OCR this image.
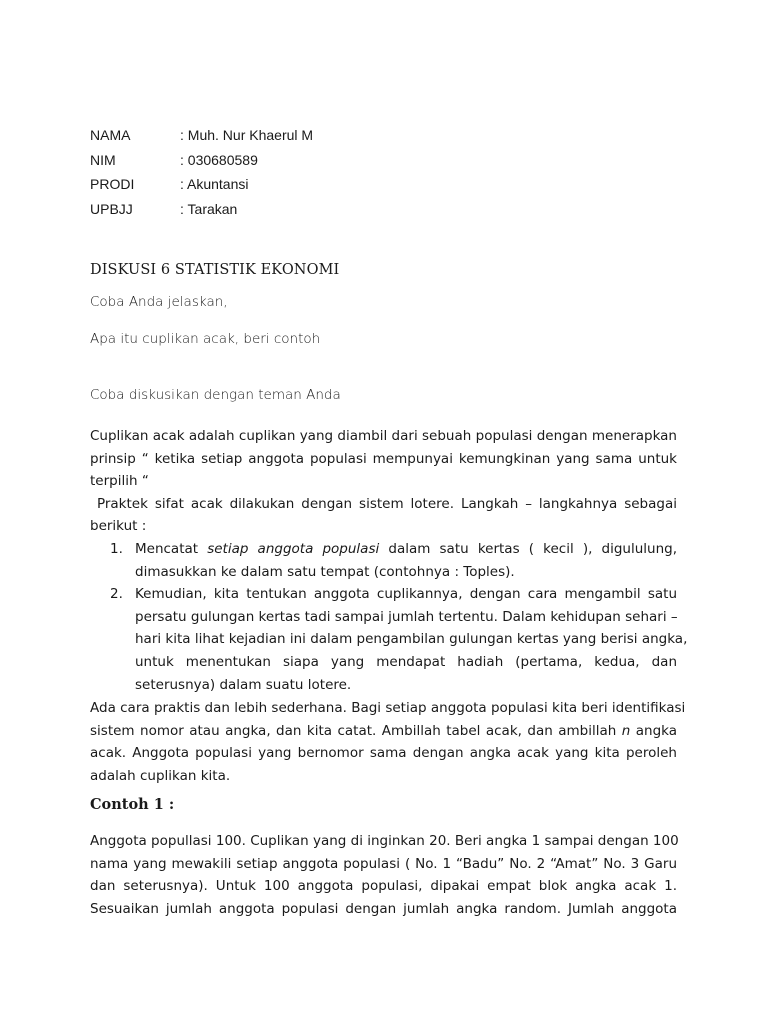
NAMA	: Muh. Nur Khaerul M
NIM	: 030680589
PRODI	: Akuntansi
UPBJJ	: Tarakan
DISKUSI 6 STATISTIK EKONOMI
Coba Anda jelaskan,
Apa itu cuplikan acak, beri contoh
Coba diskusikan dengan teman Anda
Cuplikan acak adalah cuplikan yang diambil dari sebuah populasi dengan menerapkan
prinsip “ ketika setiap anggota populasi mempunyai kemungkinan yang sama untuk
terpilih “
Praktek sifat acak dilakukan dengan sistem lotere. Langkah – langkahnya sebagai
berikut :
1. Mencatat setiap anggota populasi dalam satu kertas ( kecil ), digululung,
dimasukkan ke dalam satu tempat (contohnya : Toples).
2. Kemudian, kita tentukan anggota cuplikannya, dengan cara mengambil satu
persatu gulungan kertas tadi sampai jumlah tertentu. Dalam kehidupan sehari –
hari kita lihat kejadian ini dalam pengambilan gulungan kertas yang berisi angka,
untuk menentukan siapa yang mendapat hadiah (pertama, kedua, dan
seterusnya) dalam suatu lotere.
Ada cara praktis dan lebih sederhana. Bagi setiap anggota populasi kita beri identifikasi
sistem nomor atau angka, dan kita catat. Ambillah tabel acak, dan ambillah n angka
acak. Anggota populasi yang bernomor sama dengan angka acak yang kita peroleh
adalah cuplikan kita.
Contoh 1 :
Anggota popullasi 100. Cuplikan yang di inginkan 20. Beri angka 1 sampai dengan 100
nama yang mewakili setiap anggota populasi ( No. 1 “Badu” No. 2 “Amat” No. 3 Garu
dan seterusnya). Untuk 100 anggota populasi, dipakai empat blok angka acak 1.
Sesuaikan jumlah anggota populasi dengan jumlah angka random. Jumlah anggota
